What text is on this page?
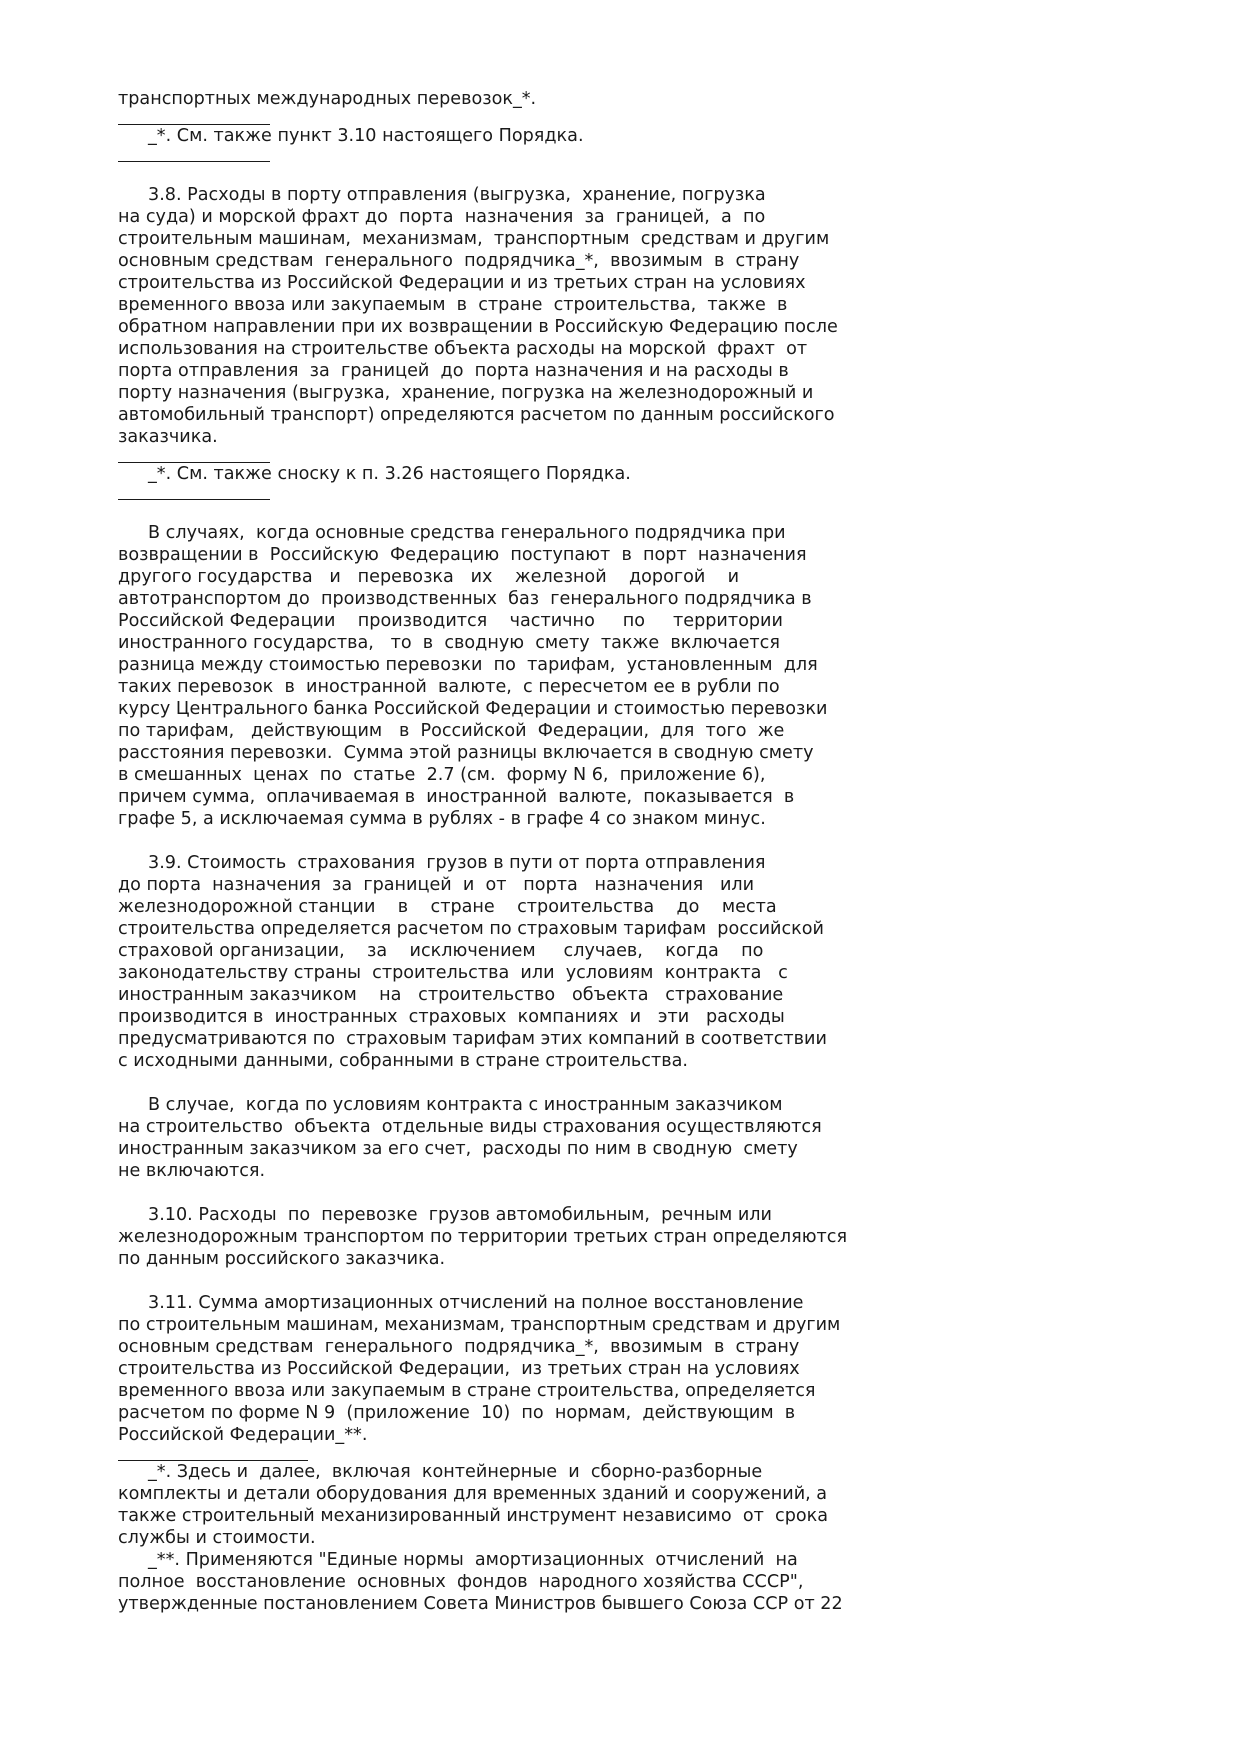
транспортных международных перевозок_*.
_*. См. также пункт 3.10 настоящего Порядка.
3.8. Расходы в порту отправления (выгрузка,  хранение, погрузка
на суда) и морской фрахт до  порта  назначения  за  границей,  а  по
строительным машинам,  механизмам,  транспортным  средствам и другим
основным средствам  генерального  подрядчика_*,  ввозимым  в  страну
строительства из Российской Федерации и из третьих стран на условиях
временного ввоза или закупаемым  в  стране  строительства,  также  в
обратном направлении при их возвращении в Российскую Федерацию после
использования на строительстве объекта расходы на морской  фрахт  от
порта отправления  за  границей  до  порта назначения и на расходы в
порту назначения (выгрузка,  хранение, погрузка на железнодорожный и
автомобильный транспорт) определяются расчетом по данным российского
заказчика.
_*. См. также сноску к п. 3.26 настоящего Порядка.
В случаях,  когда основные средства генерального подрядчика при
возвращении в  Российскую  Федерацию  поступают  в  порт  назначения
другого государства   и   перевозка   их    железной    дорогой    и
автотранспортом до  производственных  баз  генерального подрядчика в
Российской Федерации    производится    частично     по     территории
иностранного государства,   то  в  сводную  смету  также  включается
разница между стоимостью перевозки  по  тарифам,  установленным  для
таких перевозок  в  иностранной  валюте,  с пересчетом ее в рубли по
курсу Центрального банка Российской Федерации и стоимостью перевозки
по тарифам,   действующим   в  Российской  Федерации,  для  того  же
расстояния перевозки.  Сумма этой разницы включается в сводную смету
в смешанных  ценах  по  статье  2.7 (см.  форму N 6,  приложение 6),
причем сумма,  оплачиваемая в  иностранной  валюте,  показывается  в
графе 5, а исключаемая сумма в рублях - в графе 4 со знаком минус.
3.9. Стоимость  страхования  грузов в пути от порта отправления
до порта  назначения  за  границей  и  от   порта   назначения   или
железнодорожной станции    в    стране    строительства    до    места
строительства определяется расчетом по страховым тарифам  российской
страховой организации,    за    исключением     случаев,    когда    по
законодательству страны  строительства  или  условиям  контракта   с
иностранным заказчиком    на   строительство   объекта   страхование
производится в  иностранных  страховых  компаниях  и   эти   расходы
предусматриваются по  страховым тарифам этих компаний в соответствии
с исходными данными, собранными в стране строительства.
В случае,  когда по условиям контракта с иностранным заказчиком
на строительство  объекта  отдельные виды страхования осуществляются
иностранным заказчиком за его счет,  расходы по ним в сводную  смету
не включаются.
3.10. Расходы  по  перевозке  грузов автомобильным,  речным или
железнодорожным транспортом по территории третьих стран определяются
по данным российского заказчика.
3.11. Сумма амортизационных отчислений на полное восстановление
по строительным машинам, механизмам, транспортным средствам и другим
основным средствам  генерального  подрядчика_*,  ввозимым  в  страну
строительства из Российской Федерации,  из третьих стран на условиях
временного ввоза или закупаемым в стране строительства, определяется
расчетом по форме N 9  (приложение  10)  по  нормам,  действующим  в
Российской Федерации_**.
_*. Здесь и  далее,  включая  контейнерные  и  сборно-разборные
комплекты и детали оборудования для временных зданий и сооружений, а
также строительный механизированный инструмент независимо  от  срока
службы и стоимости.
_**. Применяются "Единые нормы  амортизационных  отчислений  на
полное  восстановление  основных  фондов  народного хозяйства СССР",
утвержденные постановлением Совета Министров бывшего Союза ССР от 22
